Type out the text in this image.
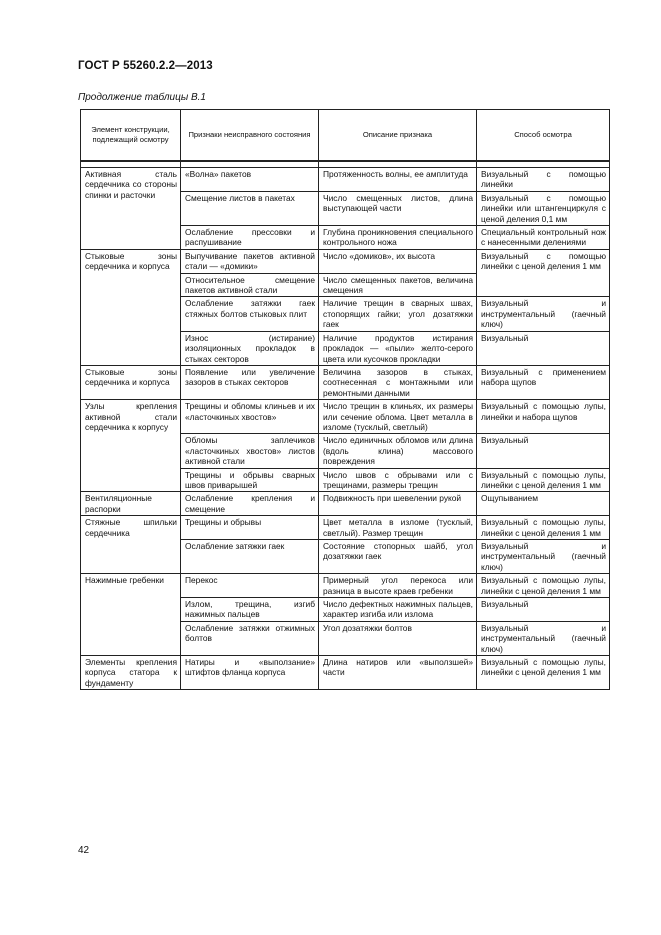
ГОСТ Р 55260.2.2—2013
Продолжение таблицы В.1
Элемент конструкции, подлежащий осмотру	Признаки неисправного состояния	Описание признака	Способ осмотра

Активная сталь сердечника со стороны спинки и расточки	«Волна» пакетов	Протяженность волны, ее амплитуда	Визуальный с помощью линейки
	Смещение листов в пакетах	Число смещенных листов, длина выступающей части	Визуальный с помощью линейки или штангенциркуля с ценой деления 0,1 мм
	Ослабление прессовки и распушивание	Глубина проникновения специального контрольного ножа	Специальный контрольный нож с нанесенными делениями
Стыковые зоны сердечника и корпуса	Выпучивание пакетов активной стали — «домики»	Число «домиков», их высота	Визуальный с помощью линейки с ценой деления 1 мм
	Относительное смещение пакетов активной стали	Число смещенных пакетов, величина смещения	
	Ослабление затяжки гаек стяжных болтов стыковых плит	Наличие трещин в сварных швах, стопорящих гайки; угол дозатяжки гаек	Визуальный и инструментальный (гаечный ключ)
	Износ (истирание) изоляционных прокладок в стыках секторов	Наличие продуктов истирания прокладок — «пыли» желто-серого цвета или кусочков прокладки	Визуальный
Стыковые зоны сердечника и корпуса	Появление или увеличение зазоров в стыках секторов	Величина зазоров в стыках, соотнесенная с монтажными или ремонтными данными	Визуальный с применением набора щупов
Узлы крепления активной стали сердечника к корпусу	Трещины и обломы клиньев и их «ласточкиных хвостов»	Число трещин в клиньях, их размеры или сечение облома. Цвет металла в изломе (тусклый, светлый)	Визуальный с помощью лупы, линейки и набора щупов
	Обломы заплечиков «ласточкиных хвостов» листов активной стали	Число единичных обломов или длина (вдоль клина) массового повреждения	Визуальный
	Трещины и обрывы сварных швов приварышей	Число швов с обрывами или с трещинами, размеры трещин	Визуальный с помощью лупы, линейки с ценой деления 1 мм
Вентиляционные распорки	Ослабление крепления и смещение	Подвижность при шевелении рукой	Ощупыванием
Стяжные шпильки сердечника	Трещины и обрывы	Цвет металла в изломе (тусклый, светлый). Размер трещин	Визуальный с помощью лупы, линейки с ценой деления 1 мм
	Ослабление затяжки гаек	Состояние стопорных шайб, угол дозатяжки гаек	Визуальный и инструментальный (гаечный ключ)
Нажимные гребенки	Перекос	Примерный угол перекоса или разница в высоте краев гребенки	Визуальный с помощью лупы, линейки с ценой деления 1 мм
	Излом, трещина, изгиб нажимных пальцев	Число дефектных нажимных пальцев, характер изгиба или излома	Визуальный
	Ослабление затяжки отжимных болтов	Угол дозатяжки болтов	Визуальный и инструментальный (гаечный ключ)
Элементы крепления корпуса статора к фундаменту	Натиры и «выползание» штифтов фланца корпуса	Длина натиров или «выползшей» части	Визуальный с помощью лупы, линейки с ценой деления 1 мм
42
